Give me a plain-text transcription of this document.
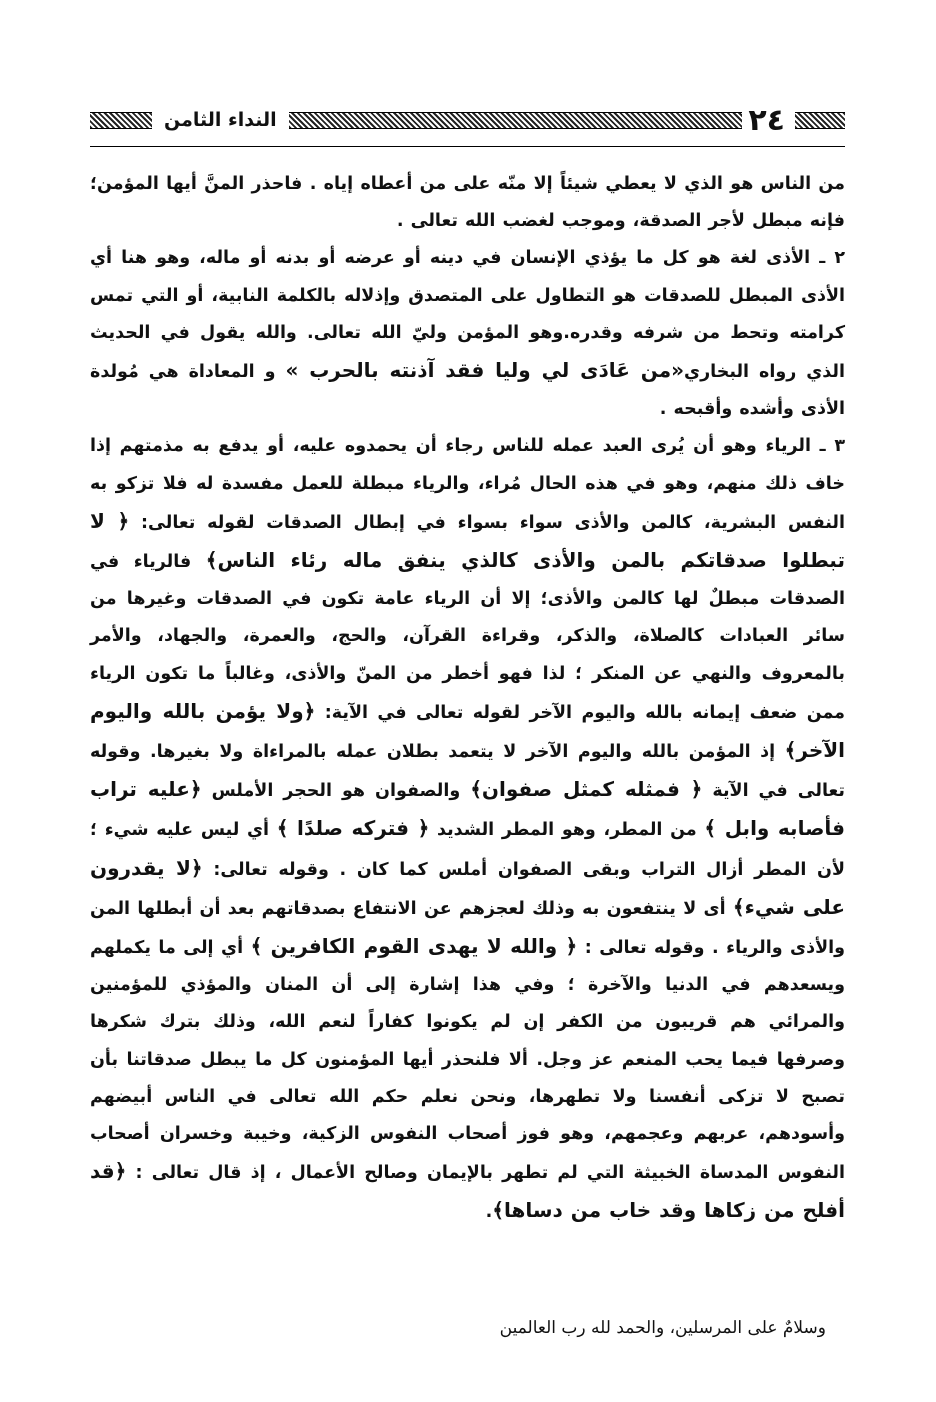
٢٤
النداء الثامن

من الناس هو الذي لا يعطي شيئاً إلا منّه على من أعطاه إياه . فاحذر المنَّ أيها المؤمن؛ فإنه مبطل لأجر الصدقة، وموجب لغضب الله تعالى .

٢ ـ الأذى لغة هو كل ما يؤذي الإنسان في دينه أو عرضه أو بدنه أو ماله، وهو هنا أي الأذى المبطل للصدقات هو التطاول على المتصدق وإذلاله بالكلمة النابية، أو التي تمس كرامته وتحط من شرفه وقدره.وهو المؤمن وليّ الله تعالى. والله يقول في الحديث الذي رواه البخاري«من عَادَى لي وليا فقد آذنته بالحرب » و المعاداة هي مُولدة الأذى وأشده وأقبحه .

٣ ـ الرياء وهو أن يُرى العبد عمله للناس رجاء أن يحمدوه عليه، أو يدفع به مذمتهم إذا خاف ذلك منهم، وهو في هذه الحال مُراء، والرياء مبطلة للعمل مفسدة له فلا تزكو به النفس البشرية، كالمن والأذى سواء بسواء في إبطال الصدقات لقوله تعالى: ﴿ لا تبطلوا صدقاتكم بالمن والأذى كالذي ينفق ماله رئاء الناس﴾ فالرياء في الصدقات مبطلٌ لها كالمن والأذى؛ إلا أن الرياء عامة تكون في الصدقات وغيرها من سائر العبادات كالصلاة، والذكر، وقراءة القرآن، والحج، والعمرة، والجهاد، والأمر بالمعروف والنهي عن المنكر ؛ لذا فهو أخطر من المنّ والأذى، وغالباً ما تكون الرياء ممن ضعف إيمانه بالله واليوم الآخر لقوله تعالى في الآية: ﴿ولا يؤمن بالله واليوم الآخر﴾ إذ المؤمن بالله واليوم الآخر لا يتعمد بطلان عمله بالمراءاة ولا بغيرها. وقوله تعالى في الآية ﴿ فمثله كمثل صفوان﴾ والصفوان هو الحجر الأملس ﴿عليه تراب فأصابه وابل ﴾ من المطر، وهو المطر الشديد ﴿ فتركه صلدًا ﴾ أي ليس عليه شيء ؛ لأن المطر أزال التراب وبقى الصفوان أملس كما كان . وقوله تعالى: ﴿لا يقدرون على شيء﴾ أى لا ينتفعون به وذلك لعجزهم عن الانتفاع بصدقاتهم بعد أن أبطلها المن والأذى والرياء . وقوله تعالى : ﴿ والله لا يهدى القوم الكافرين ﴾ أي إلى ما يكملهم ويسعدهم في الدنيا والآخرة ؛ وفي هذا إشارة إلى أن المنان والمؤذي للمؤمنين والمرائي هم قريبون من الكفر إن لم يكونوا كفاراً لنعم الله، وذلك بترك شكرها وصرفها فيما يحب المنعم عز وجل. ألا فلنحذر أيها المؤمنون كل ما يبطل صدقاتنا بأن تصبح لا تزكى أنفسنا ولا تطهرها، ونحن نعلم حكم الله تعالى في الناس أبيضهم وأسودهم، عربهم وعجمهم، وهو فوز أصحاب النفوس الزكية، وخيبة وخسران أصحاب النفوس المدساة الخبيثة التي لم تطهر بالإيمان وصالح الأعمال ، إذ قال تعالى : ﴿قد أفلح من زكاها وقد خاب من دساها﴾.

وسلامٌ على المرسلين، والحمد لله رب العالمين
